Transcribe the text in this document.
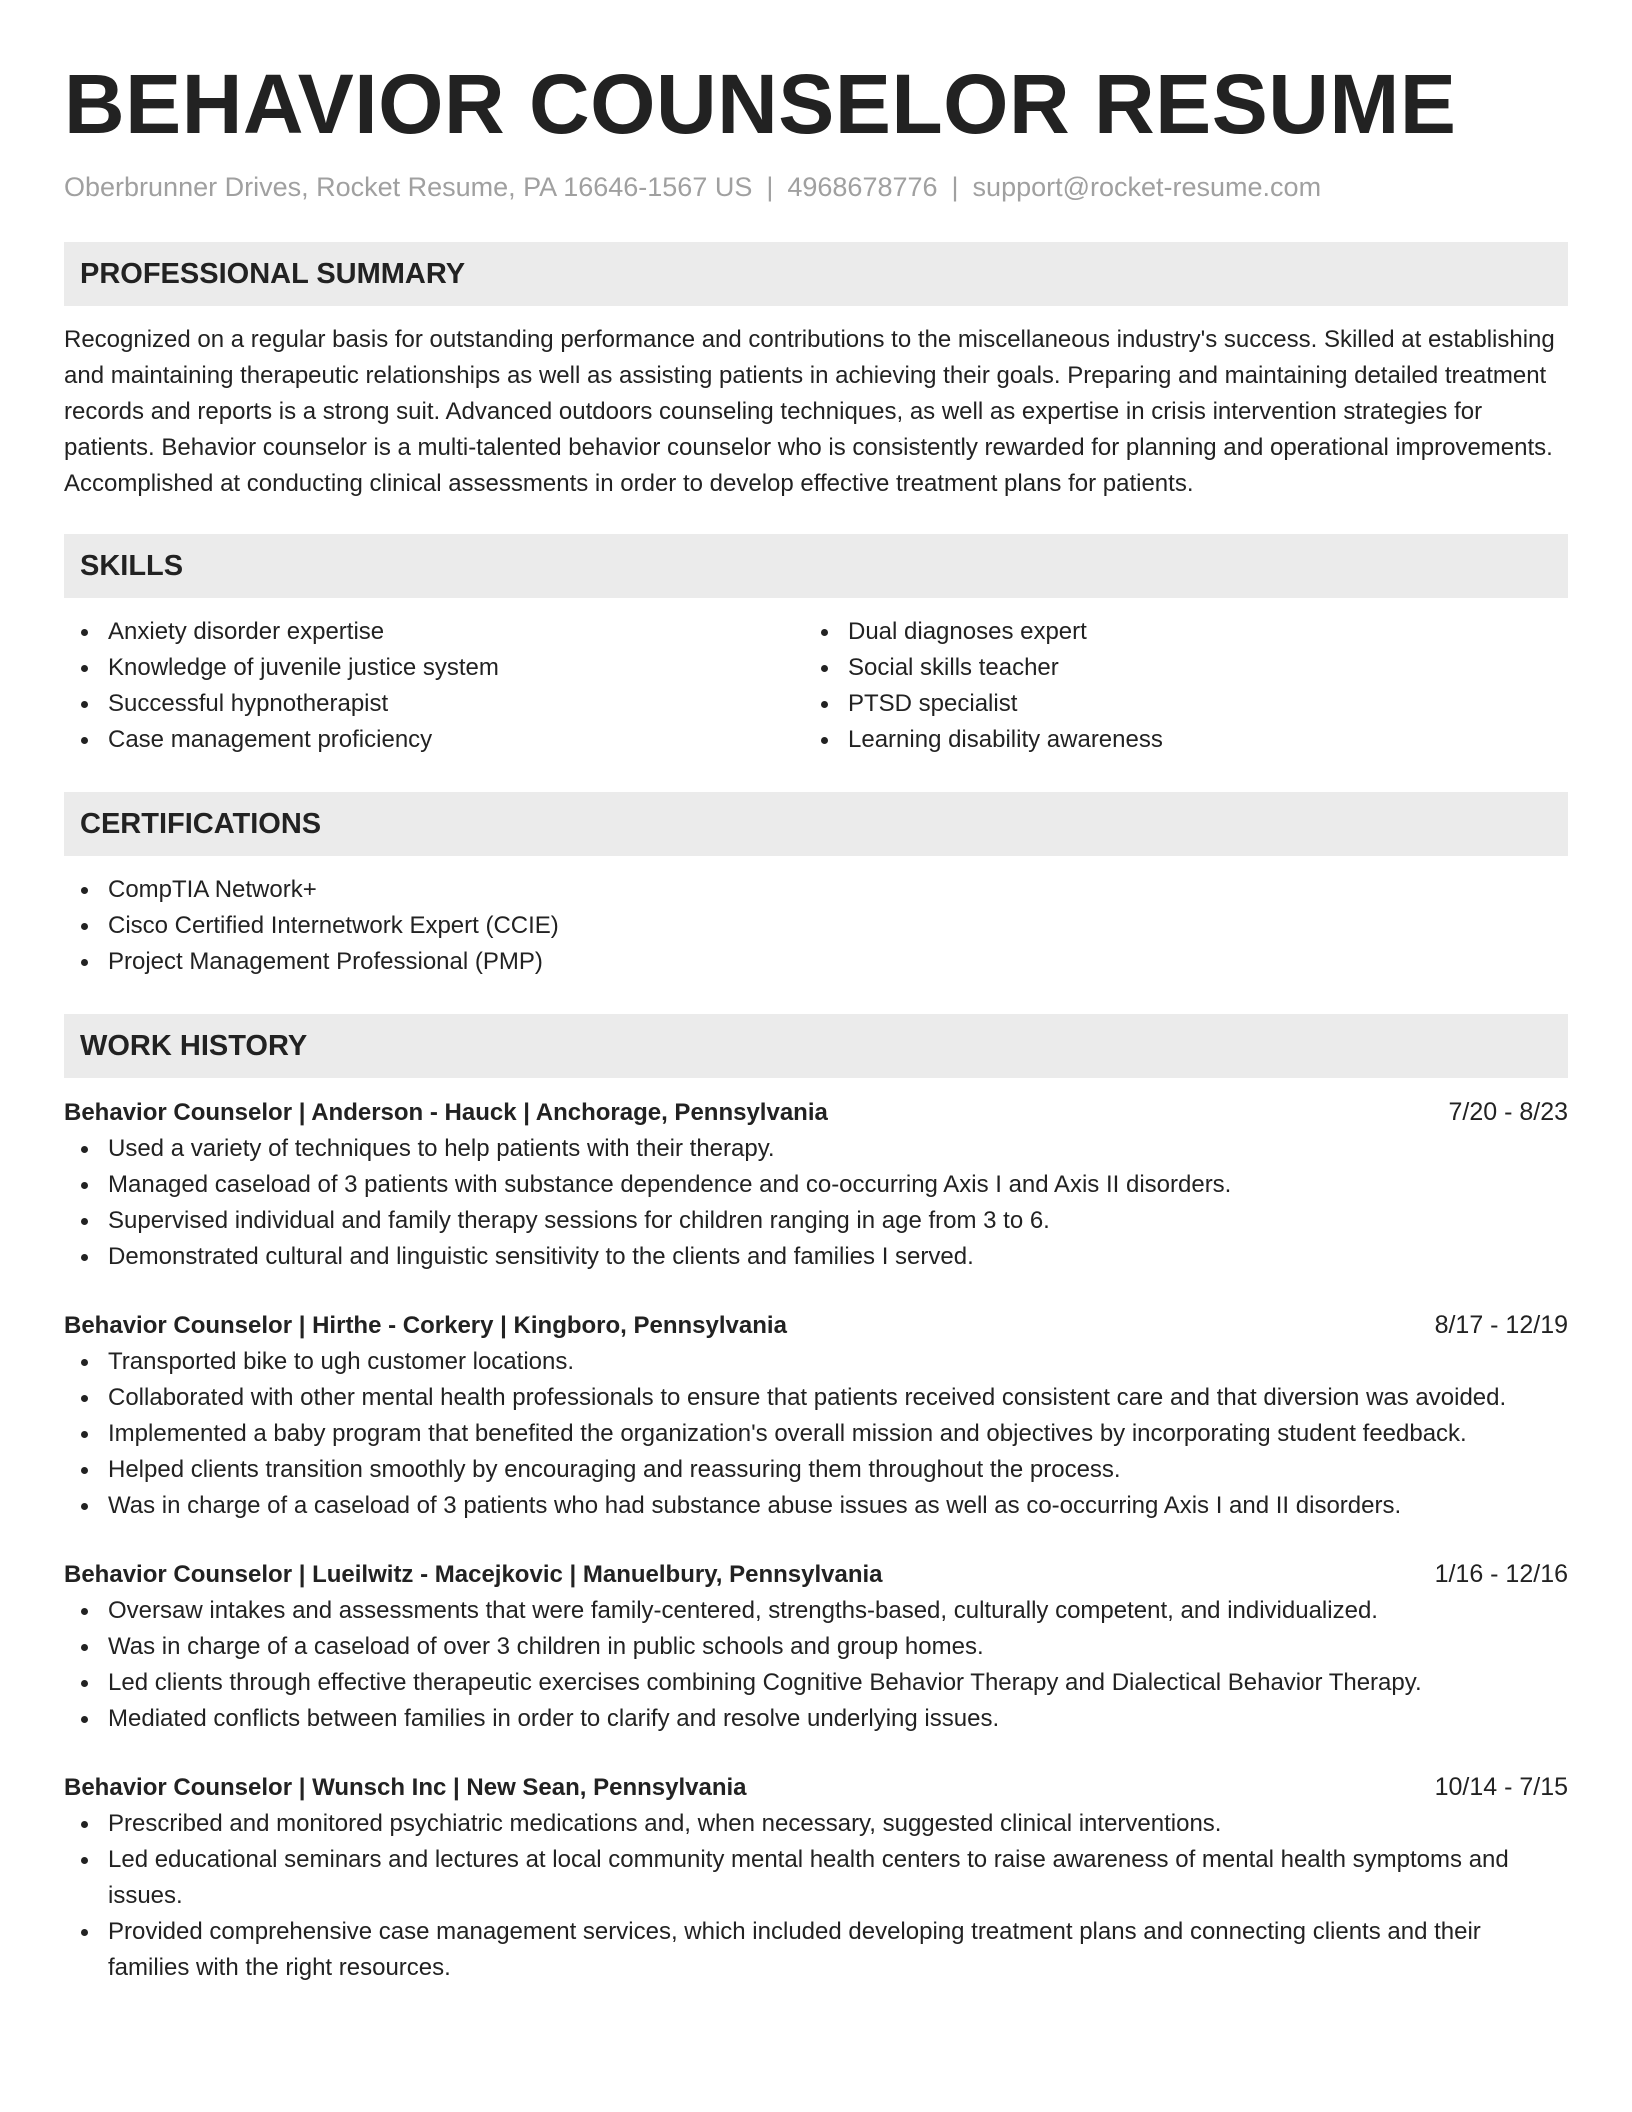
BEHAVIOR COUNSELOR RESUME
Oberbrunner Drives, Rocket Resume, PA 16646-1567 US | 4968678776 | support@rocket-resume.com
PROFESSIONAL SUMMARY

Recognized on a regular basis for outstanding performance and contributions to the miscellaneous industry's success. Skilled at establishing and maintaining therapeutic relationships as well as assisting patients in achieving their goals. Preparing and maintaining detailed treatment records and reports is a strong suit. Advanced outdoors counseling techniques, as well as expertise in crisis intervention strategies for patients. Behavior counselor is a multi-talented behavior counselor who is consistently rewarded for planning and operational improvements. Accomplished at conducting clinical assessments in order to develop effective treatment plans for patients.

SKILLS
Anxiety disorder expertise
Knowledge of juvenile justice system
Successful hypnotherapist
Case management proficiency
Dual diagnoses expert
Social skills teacher
PTSD specialist
Learning disability awareness
CERTIFICATIONS
CompTIA Network+
Cisco Certified Internetwork Expert (CCIE)
Project Management Professional (PMP)
WORK HISTORY
Behavior Counselor | Anderson - Hauck | Anchorage, Pennsylvania	7/20 - 8/23
Used a variety of techniques to help patients with their therapy.
Managed caseload of 3 patients with substance dependence and co-occurring Axis I and Axis II disorders.
Supervised individual and family therapy sessions for children ranging in age from 3 to 6.
Demonstrated cultural and linguistic sensitivity to the clients and families I served.
Behavior Counselor | Hirthe - Corkery | Kingboro, Pennsylvania	8/17 - 12/19
Transported bike to ugh customer locations.
Collaborated with other mental health professionals to ensure that patients received consistent care and that diversion was avoided.
Implemented a baby program that benefited the organization's overall mission and objectives by incorporating student feedback.
Helped clients transition smoothly by encouraging and reassuring them throughout the process.
Was in charge of a caseload of 3 patients who had substance abuse issues as well as co-occurring Axis I and II disorders.
Behavior Counselor | Lueilwitz - Macejkovic | Manuelbury, Pennsylvania	1/16 - 12/16
Oversaw intakes and assessments that were family-centered, strengths-based, culturally competent, and individualized.
Was in charge of a caseload of over 3 children in public schools and group homes.
Led clients through effective therapeutic exercises combining Cognitive Behavior Therapy and Dialectical Behavior Therapy.
Mediated conflicts between families in order to clarify and resolve underlying issues.
Behavior Counselor | Wunsch Inc | New Sean, Pennsylvania	10/14 - 7/15
Prescribed and monitored psychiatric medications and, when necessary, suggested clinical interventions.
Led educational seminars and lectures at local community mental health centers to raise awareness of mental health symptoms and issues.
Provided comprehensive case management services, which included developing treatment plans and connecting clients and their families with the right resources.
